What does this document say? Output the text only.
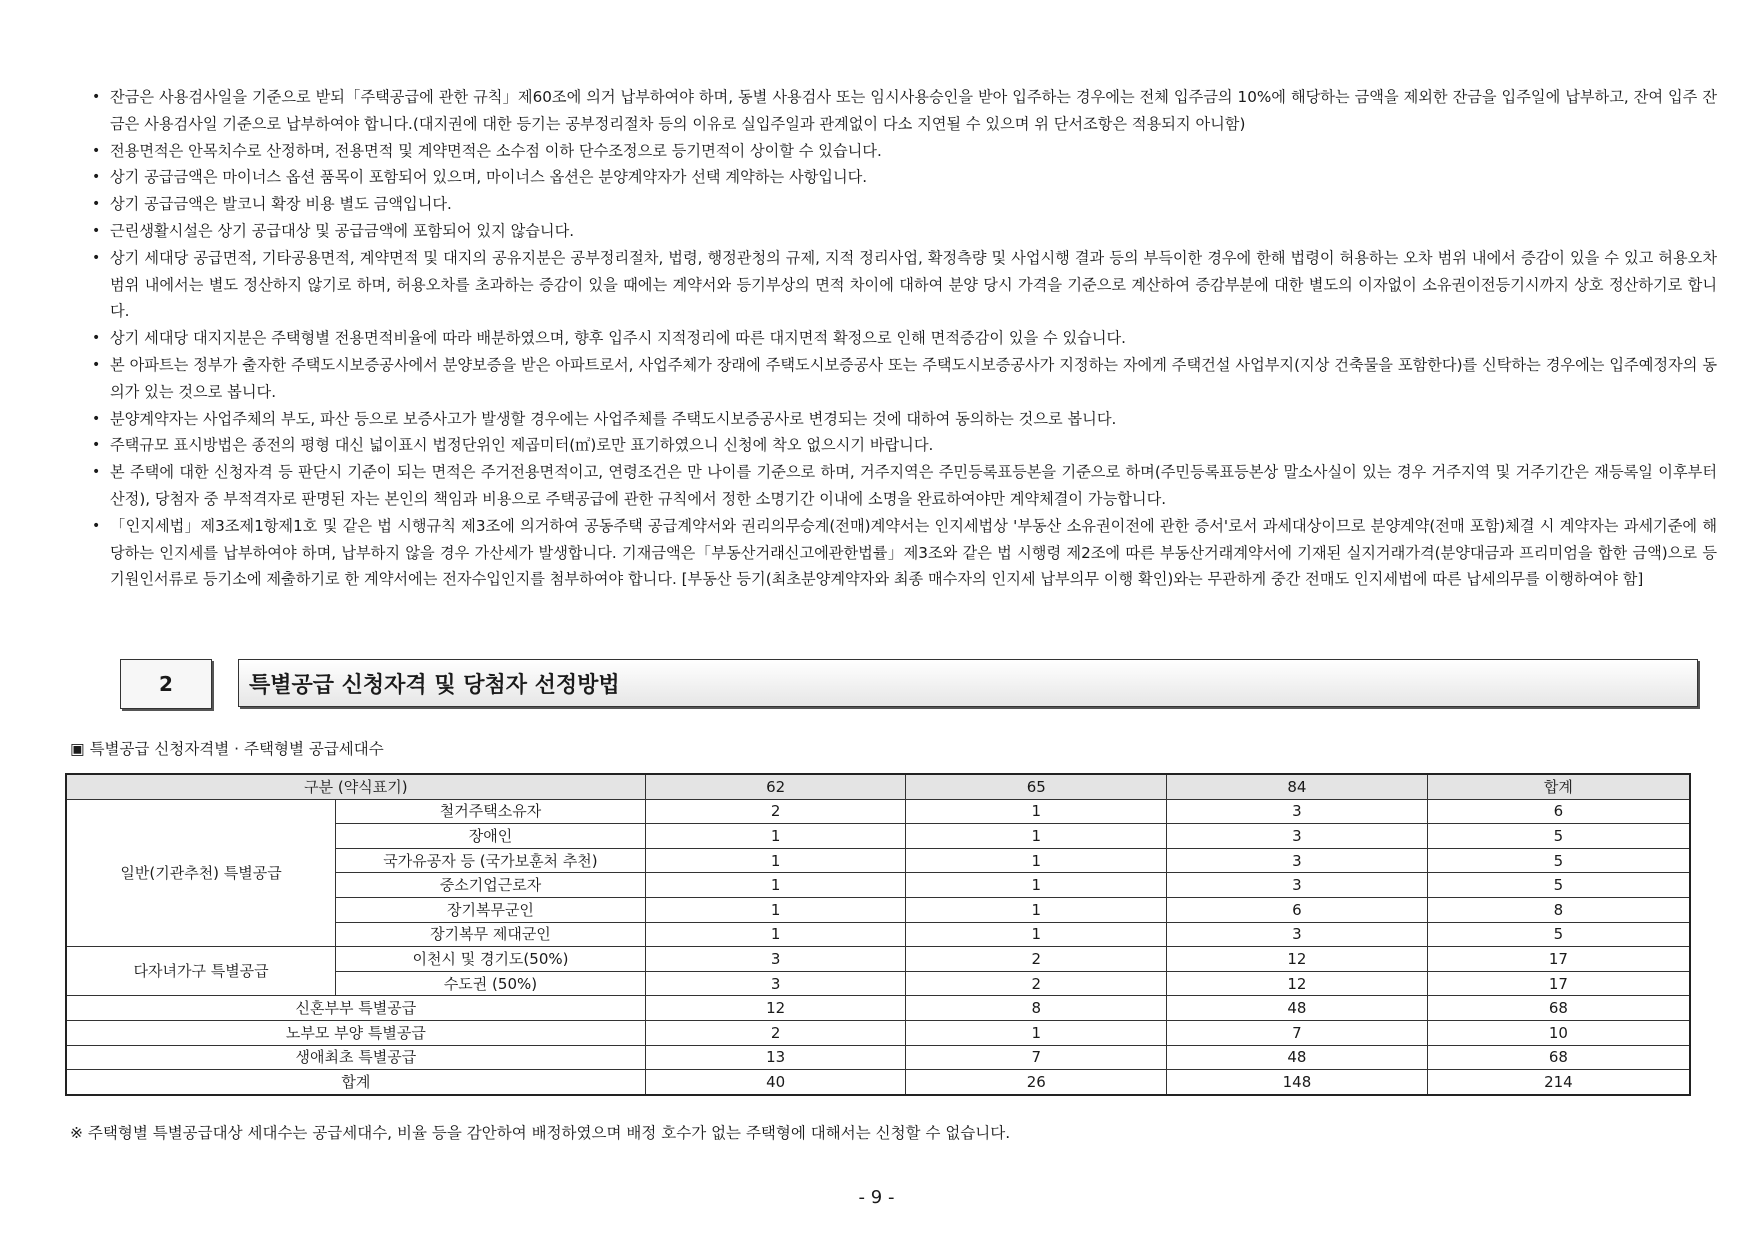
• 잔금은 사용검사일을 기준으로 받되「주택공급에 관한 규칙」제60조에 의거 납부하여야 하며, 동별 사용검사 또는 임시사용승인을 받아 입주하는 경우에는 전체 입주금의 10%에 해당하는 금액을 제외한 잔금을 입주일에 납부하고, 잔여 입주 잔금은 사용검사일 기준으로 납부하여야 합니다.(대지권에 대한 등기는 공부정리절차 등의 이유로 실입주일과 관계없이 다소 지연될 수 있으며 위 단서조항은 적용되지 아니함)
• 전용면적은 안목치수로 산정하며, 전용면적 및 계약면적은 소수점 이하 단수조정으로 등기면적이 상이할 수 있습니다.
• 상기 공급금액은 마이너스 옵션 품목이 포함되어 있으며, 마이너스 옵션은 분양계약자가 선택 계약하는 사항입니다.
• 상기 공급금액은 발코니 확장 비용 별도 금액입니다.
• 근린생활시설은 상기 공급대상 및 공급금액에 포함되어 있지 않습니다.
• 상기 세대당 공급면적, 기타공용면적, 계약면적 및 대지의 공유지분은 공부정리절차, 법령, 행정관청의 규제, 지적 정리사업, 확정측량 및 사업시행 결과 등의 부득이한 경우에 한해 법령이 허용하는 오차 범위 내에서 증감이 있을 수 있고 허용오차 범위 내에서는 별도 정산하지 않기로 하며, 허용오차를 초과하는 증감이 있을 때에는 계약서와 등기부상의 면적 차이에 대하여 분양 당시 가격을 기준으로 계산하여 증감부분에 대한 별도의 이자없이 소유권이전등기시까지 상호 정산하기로 합니다.
• 상기 세대당 대지지분은 주택형별 전용면적비율에 따라 배분하였으며, 향후 입주시 지적정리에 따른 대지면적 확정으로 인해 면적증감이 있을 수 있습니다.
• 본 아파트는 정부가 출자한 주택도시보증공사에서 분양보증을 받은 아파트로서, 사업주체가 장래에 주택도시보증공사 또는 주택도시보증공사가 지정하는 자에게 주택건설 사업부지(지상 건축물을 포함한다)를 신탁하는 경우에는 입주예정자의 동의가 있는 것으로 봅니다.
• 분양계약자는 사업주체의 부도, 파산 등으로 보증사고가 발생할 경우에는 사업주체를 주택도시보증공사로 변경되는 것에 대하여 동의하는 것으로 봅니다.
• 주택규모 표시방법은 종전의 평형 대신 넓이표시 법정단위인 제곱미터(㎡)로만 표기하였으니 신청에 착오 없으시기 바랍니다.
• 본 주택에 대한 신청자격 등 판단시 기준이 되는 면적은 주거전용면적이고, 연령조건은 만 나이를 기준으로 하며, 거주지역은 주민등록표등본을 기준으로 하며(주민등록표등본상 말소사실이 있는 경우 거주지역 및 거주기간은 재등록일 이후부터 산정), 당첨자 중 부적격자로 판명된 자는 본인의 책임과 비용으로 주택공급에 관한 규칙에서 정한 소명기간 이내에 소명을 완료하여야만 계약체결이 가능합니다.
• 「인지세법」제3조제1항제1호 및 같은 법 시행규칙 제3조에 의거하여 공동주택 공급계약서와 권리의무승계(전매)계약서는 인지세법상 '부동산 소유권이전에 관한 증서'로서 과세대상이므로 분양계약(전매 포함)체결 시 계약자는 과세기준에 해당하는 인지세를 납부하여야 하며, 납부하지 않을 경우 가산세가 발생합니다. 기재금액은「부동산거래신고에관한법률」제3조와 같은 법 시행령 제2조에 따른 부동산거래계약서에 기재된 실지거래가격(분양대금과 프리미엄을 합한 금액)으로 등기원인서류로 등기소에 제출하기로 한 계약서에는 전자수입인지를 첨부하여야 합니다. [부동산 등기(최초분양계약자와 최종 매수자의 인지세 납부의무 이행 확인)와는 무관하게 중간 전매도 인지세법에 따른 납세의무를 이행하여야 함]
2	특별공급 신청자격 및 당첨자 선정방법
▣ 특별공급 신청자격별 · 주택형별 공급세대수
구분 (약식표기)		62	65	84	합계
일반(기관추천) 특별공급	철거주택소유자	2	1	3	6
	장애인	1	1	3	5
	국가유공자 등 (국가보훈처 추천)	1	1	3	5
	중소기업근로자	1	1	3	5
	장기복무군인	1	1	6	8
	장기복무 제대군인	1	1	3	5
다자녀가구 특별공급	이천시 및 경기도(50%)	3	2	12	17
	수도권 (50%)	3	2	12	17
신혼부부 특별공급		12	8	48	68
노부모 부양 특별공급		2	1	7	10
생애최초 특별공급		13	7	48	68
합계		40	26	148	214
※ 주택형별 특별공급대상 세대수는 공급세대수, 비율 등을 감안하여 배정하였으며 배정 호수가 없는 주택형에 대해서는 신청할 수 없습니다.
- 9 -
